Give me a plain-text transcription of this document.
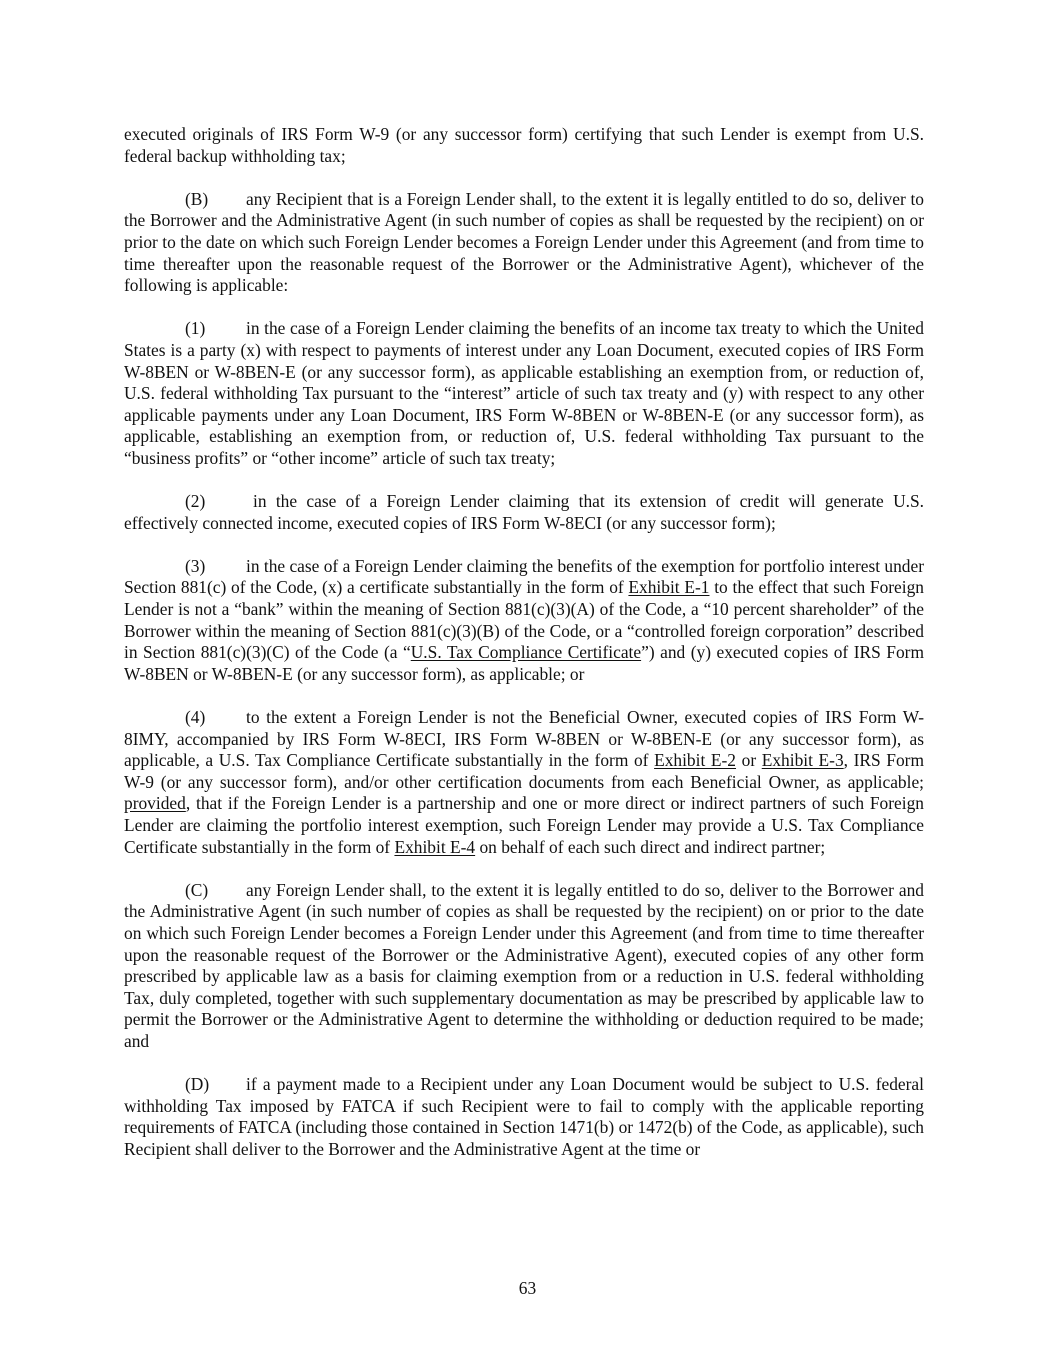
executed originals of IRS Form W-9 (or any successor form) certifying that such Lender is exempt from U.S. federal backup withholding tax;

(B) any Recipient that is a Foreign Lender shall, to the extent it is legally entitled to do so, deliver to the Borrower and the Administrative Agent (in such number of copies as shall be requested by the recipient) on or prior to the date on which such Foreign Lender becomes a Foreign Lender under this Agreement (and from time to time thereafter upon the reasonable request of the Borrower or the Administrative Agent), whichever of the following is applicable:

(1) in the case of a Foreign Lender claiming the benefits of an income tax treaty to which the United States is a party (x) with respect to payments of interest under any Loan Document, executed copies of IRS Form W-8BEN or W-8BEN-E (or any successor form), as applicable establishing an exemption from, or reduction of, U.S. federal withholding Tax pursuant to the “interest” article of such tax treaty and (y) with respect to any other applicable payments under any Loan Document, IRS Form W-8BEN or W-8BEN-E (or any successor form), as applicable, establishing an exemption from, or reduction of, U.S. federal withholding Tax pursuant to the “business profits” or “other income” article of such tax treaty;

(2)	in the case of a Foreign Lender claiming that its extension of credit will generate U.S. effectively connected income, executed copies of IRS Form W-8ECI (or any successor form);

(3) in the case of a Foreign Lender claiming the benefits of the exemption for portfolio interest under Section 881(c) of the Code, (x) a certificate substantially in the form of Exhibit E-1 to the effect that such Foreign Lender is not a “bank” within the meaning of Section 881(c)(3)(A) of the Code, a “10 percent shareholder” of the Borrower within the meaning of Section 881(c)(3)(B) of the Code, or a “controlled foreign corporation” described in Section 881(c)(3)(C) of the Code (a “U.S. Tax Compliance Certificate”) and (y) executed copies of IRS Form W-8BEN or W-8BEN-E (or any successor form), as applicable; or

(4) to the extent a Foreign Lender is not the Beneficial Owner, executed copies of IRS Form W-8IMY, accompanied by IRS Form W-8ECI, IRS Form W-8BEN or W-8BEN-E (or any successor form), as applicable, a U.S. Tax Compliance Certificate substantially in the form of Exhibit E-2 or Exhibit E-3, IRS Form W-9 (or any successor form), and/or other certification documents from each Beneficial Owner, as applicable; provided, that if the Foreign Lender is a partnership and one or more direct or indirect partners of such Foreign Lender are claiming the portfolio interest exemption, such Foreign Lender may provide a U.S. Tax Compliance Certificate substantially in the form of Exhibit E-4 on behalf of each such direct and indirect partner;

(C) any Foreign Lender shall, to the extent it is legally entitled to do so, deliver to the Borrower and the Administrative Agent (in such number of copies as shall be requested by the recipient) on or prior to the date on which such Foreign Lender becomes a Foreign Lender under this Agreement (and from time to time thereafter upon the reasonable request of the Borrower or the Administrative Agent), executed copies of any other form prescribed by applicable law as a basis for claiming exemption from or a reduction in U.S. federal withholding Tax, duly completed, together with such supplementary documentation as may be prescribed by applicable law to permit the Borrower or the Administrative Agent to determine the withholding or deduction required to be made; and

(D) if a payment made to a Recipient under any Loan Document would be subject to U.S. federal withholding Tax imposed by FATCA if such Recipient were to fail to comply with the applicable reporting requirements of FATCA (including those contained in Section 1471(b) or 1472(b) of the Code, as applicable), such Recipient shall deliver to the Borrower and the Administrative Agent at the time or

63
